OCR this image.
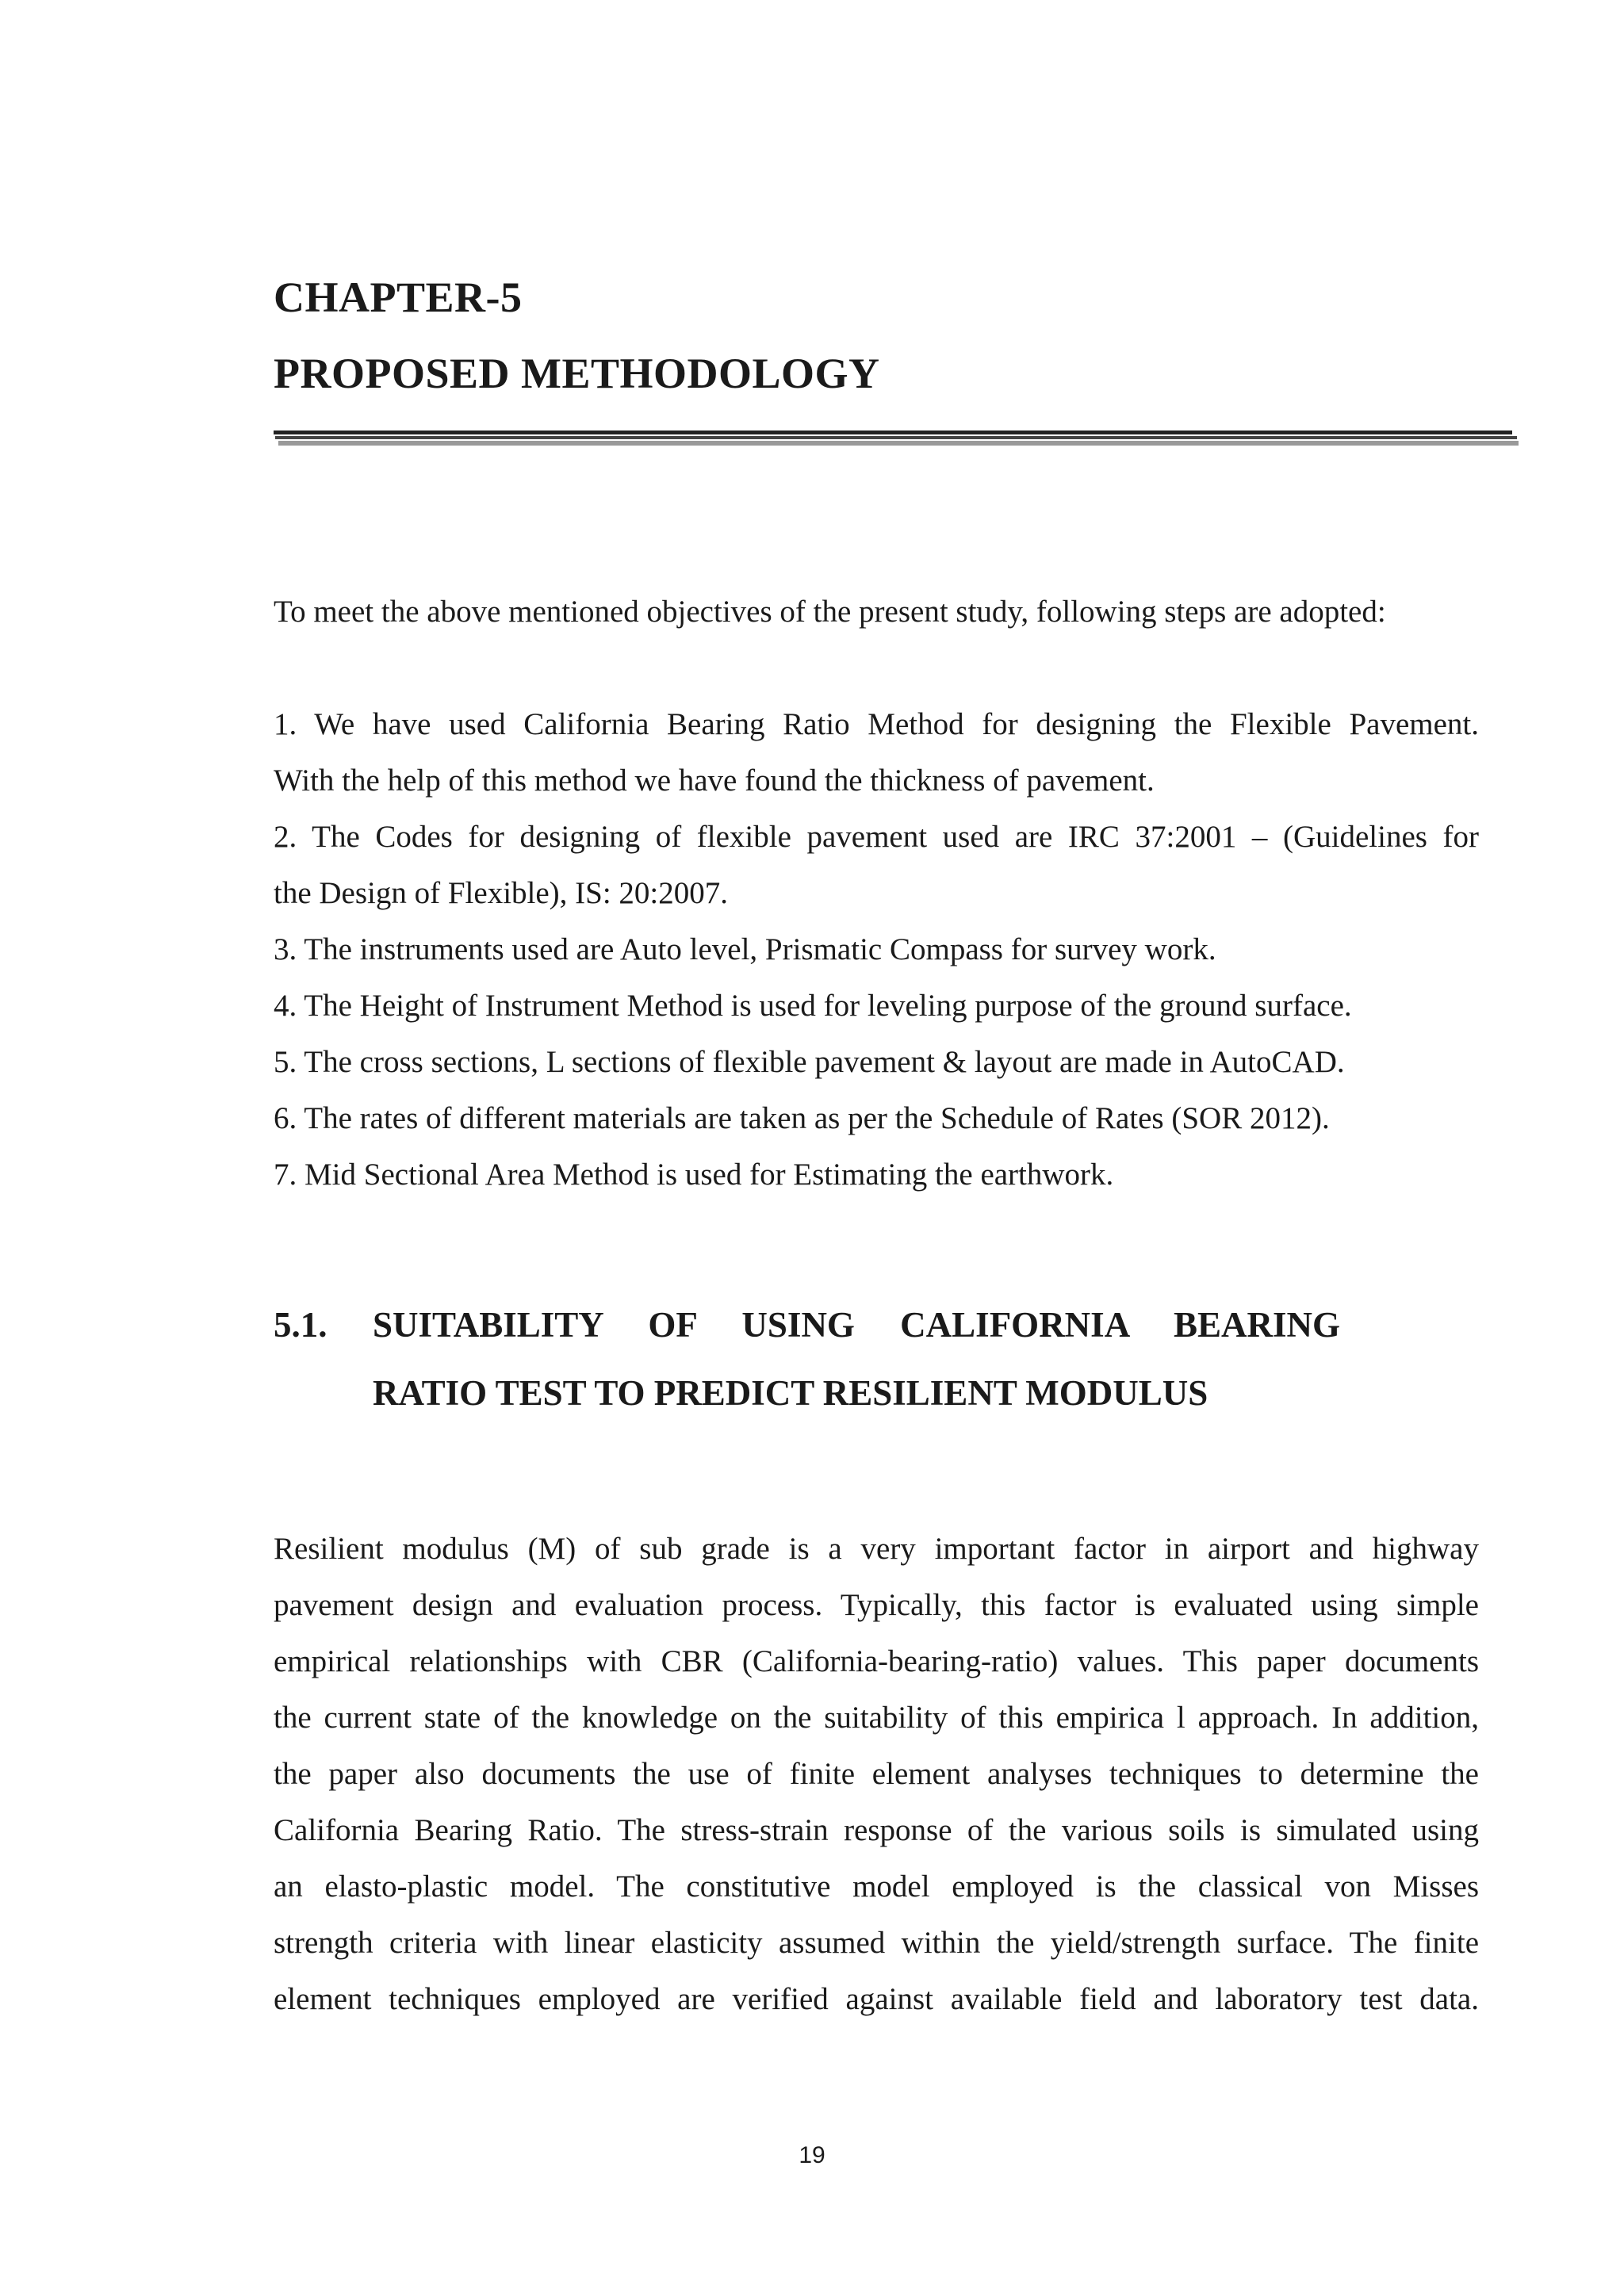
CHAPTER-5
PROPOSED METHODOLOGY

To meet the above mentioned objectives of the present study, following steps are adopted:

1. We have used California Bearing Ratio Method for designing the Flexible Pavement.
With the help of this method we have found the thickness of pavement.
2. The Codes for designing of flexible pavement used are IRC 37:2001 – (Guidelines for
the Design of Flexible), IS: 20:2007.
3. The instruments used are Auto level, Prismatic Compass for survey work.
4. The Height of Instrument Method is used for leveling purpose of the ground surface.
5. The cross sections, L sections of flexible pavement & layout are made in AutoCAD.
6. The rates of different materials are taken as per the Schedule of Rates (SOR 2012).
7. Mid Sectional Area Method is used for Estimating the earthwork.
5.1. SUITABILITY OF USING CALIFORNIA BEARING
RATIO TEST TO PREDICT RESILIENT MODULUS
Resilient modulus (M) of sub grade is a very important factor in airport and highway
pavement design and evaluation process. Typically, this factor is evaluated using simple
empirical relationships with CBR (California-bearing-ratio) values. This paper documents
the current state of the knowledge on the suitability of this empirica l approach. In addition,
the paper also documents the use of finite element analyses techniques to determine the
California Bearing Ratio. The stress-strain response of the various soils is simulated using
an elasto-plastic model. The constitutive model employed is the classical von Misses
strength criteria with linear elasticity assumed within the yield/strength surface. The finite
element techniques employed are verified against available field and laboratory test data.
19
